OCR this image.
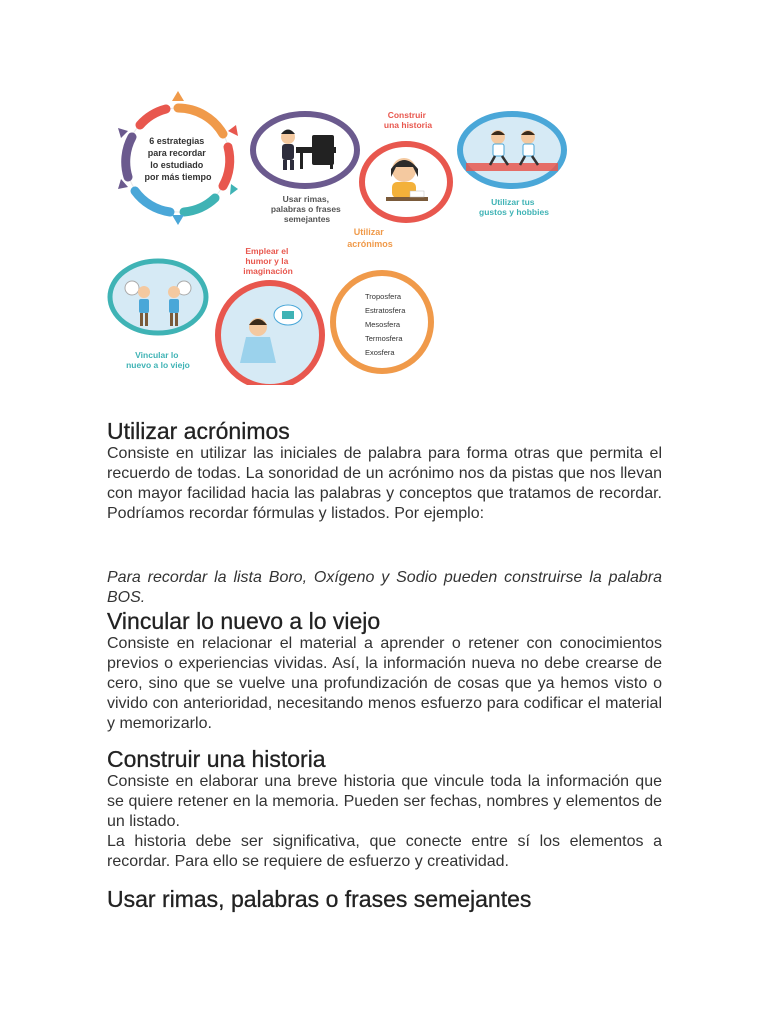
6 estrategias para recordar lo estudiado por más tiempo
Usar rimas, palabras o frases semejantes
Construir una historia
Utilizar tus gustos y hobbies
Emplear el humor y la imaginación
Utilizar acrónimos
Troposfera Estratosfera Mesosfera Termosfera Exosfera
Vincular lo nuevo a lo viejo
Utilizar acrónimos

Consiste en utilizar las iniciales de palabra para forma otras que permita el recuerdo de todas. La sonoridad de un acrónimo nos da pistas que nos llevan con mayor facilidad hacia las palabras y conceptos que tratamos de recordar. Podríamos recordar fórmulas y listados. Por ejemplo:

Para recordar la lista Boro, Oxígeno y Sodio pueden construirse la palabra BOS.

Vincular lo nuevo a lo viejo

Consiste en relacionar el material a aprender o retener con conocimientos previos o experiencias vividas. Así, la información nueva no debe crearse de cero, sino que se vuelve una profundización de cosas que ya hemos visto o vivido con anterioridad, necesitando menos esfuerzo para codificar el material y memorizarlo.

Construir una historia

Consiste en elaborar una breve historia que vincule toda la información que se quiere retener en la memoria. Pueden ser fechas, nombres y elementos de un listado.

La historia debe ser significativa, que conecte entre sí los elementos a recordar. Para ello se requiere de esfuerzo y creatividad.

Usar rimas, palabras o frases semejantes
